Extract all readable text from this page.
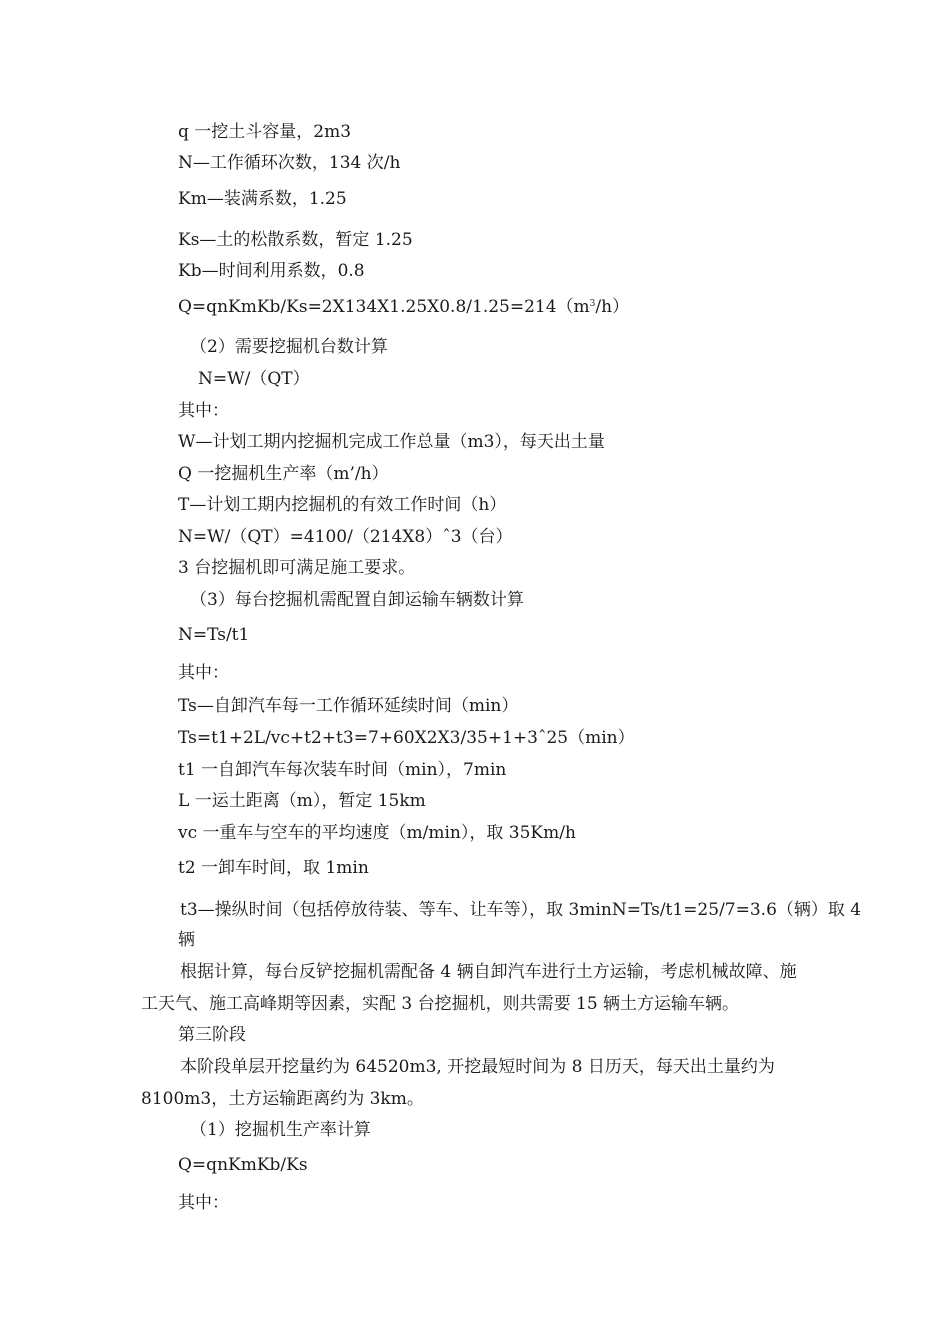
q 一挖土斗容量，2m3
N—工作循环次数，134 次/h
Km—装满系数，1.25
Ks—土的松散系数，暂定 1.25
Kb—时间利用系数，0.8
$Q=qnKmKb/Ks=2X134X1.25X0.8/1.25=214(m^3/h)$
（2）需要挖掘机台数计算
N=W/（QT）
其中：
W—计划工期内挖掘机完成工作总量（m3），每天出土量
Q 一挖掘机生产率（m’/h）
T—计划工期内挖掘机的有效工作时间（h）
N=W/（QT）=4100/（214X8）ˆ3（台）
3 台挖掘机即可满足施工要求。
（3）每台挖掘机需配置自卸运输车辆数计算
N=Ts/t1
其中：
Ts—自卸汽车每一工作循环延续时间（min）
Ts=t1+2L/vc+t2+t3=7+60X2X3/35+1+3ˆ25（min）
t1 一自卸汽车每次装车时间（min），7min
L 一运土距离（m），暂定 15km
vc 一重车与空车的平均速度（m/min），取 35Km/h
t2 一卸车时间，取 1min
t3—操纵时间（包括停放待装、等车、让车等），取 3minN=Ts/t1=25/7=3.6（辆）取 4
辆
根据计算，每台反铲挖掘机需配备 4 辆自卸汽车进行土方运输，考虑机械故障、施
工天气、施工高峰期等因素，实配 3 台挖掘机，则共需要 15 辆土方运输车辆。
第三阶段
本阶段单层开挖量约为 64520m3, 开挖最短时间为 8 日历天，每天出土量约为
8100m3，土方运输距离约为 3km。
（1）挖掘机生产率计算
Q=qnKmKb/Ks
其中：
